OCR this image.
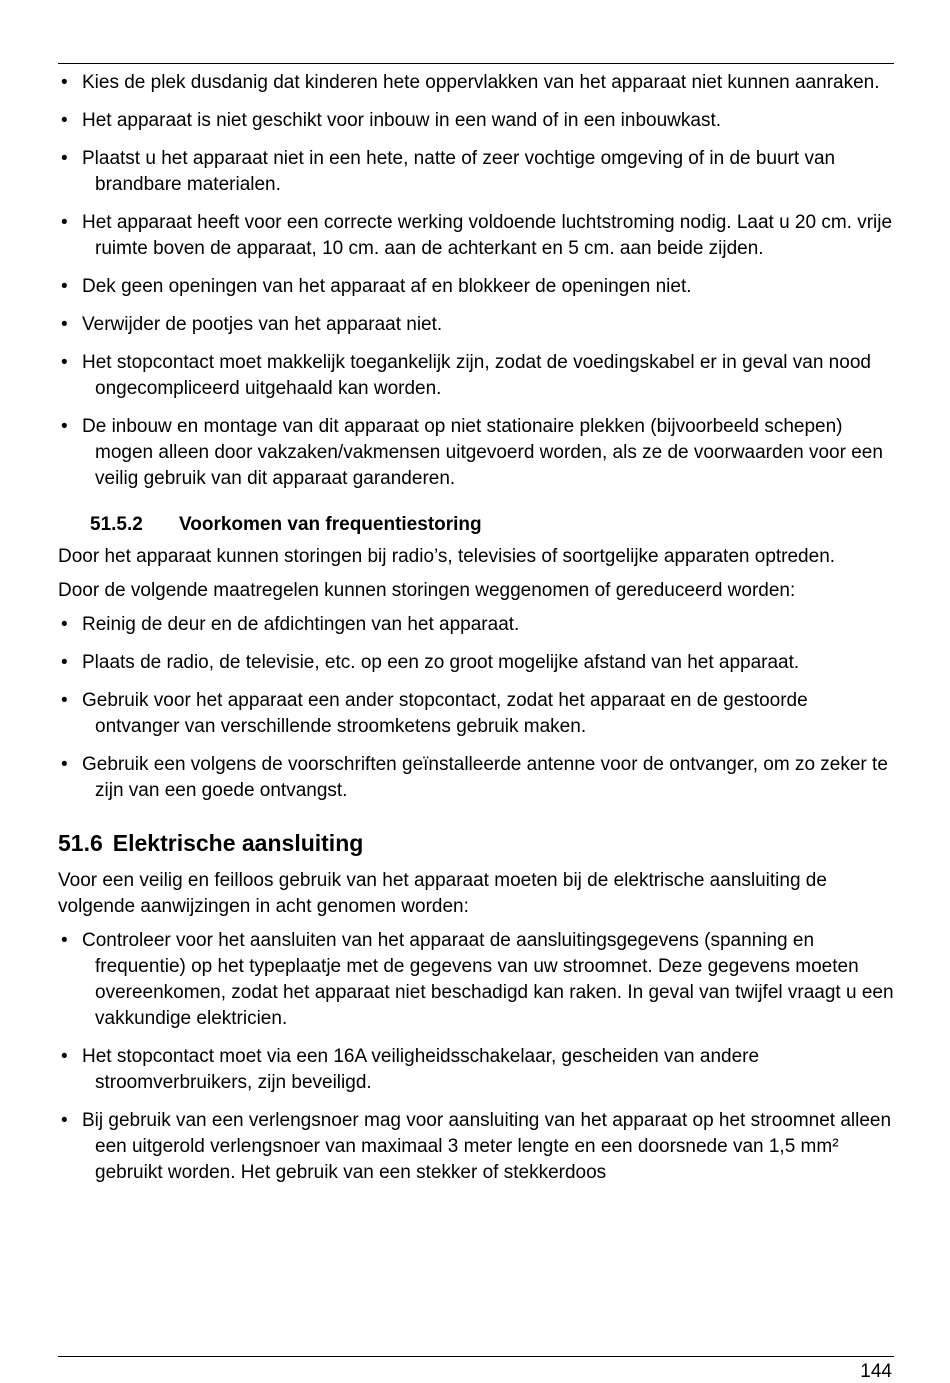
• Kies de plek dusdanig dat kinderen hete oppervlakken van het apparaat niet kunnen aanraken.
• Het apparaat is niet geschikt voor inbouw in een wand of in een inbouwkast.
• Plaatst u het apparaat niet in een hete, natte of zeer vochtige omgeving of in de buurt van brandbare materialen.
• Het apparaat heeft voor een correcte werking voldoende luchtstroming nodig. Laat u 20 cm. vrije ruimte boven de apparaat, 10 cm. aan de achterkant en 5 cm. aan beide zijden.
• Dek geen openingen van het apparaat af en blokkeer de openingen niet.
• Verwijder de pootjes van het apparaat niet.
• Het stopcontact moet makkelijk toegankelijk zijn, zodat de voedingskabel er in geval van nood ongecompliceerd uitgehaald kan worden.
• De inbouw en montage van dit apparaat op niet stationaire plekken (bijvoorbeeld schepen) mogen alleen door vakzaken/vakmensen uitgevoerd worden, als ze de voorwaarden voor een veilig gebruik van dit apparaat garanderen.
51.5.2 Voorkomen van frequentiestoring

Door het apparaat kunnen storingen bij radio’s, televisies of soortgelijke apparaten optreden.

Door de volgende maatregelen kunnen storingen weggenomen of gereduceerd worden:

• Reinig de deur en de afdichtingen van het apparaat.
• Plaats de radio, de televisie, etc. op een zo groot mogelijke afstand van het apparaat.
• Gebruik voor het apparaat een ander stopcontact, zodat het apparaat en de gestoorde ontvanger van verschillende stroomketens gebruik maken.
• Gebruik een volgens de voorschriften geïnstalleerde antenne voor de ontvanger, om zo zeker te zijn van een goede ontvangst.
51.6 Elektrische aansluiting

Voor een veilig en feilloos gebruik van het apparaat moeten bij de elektrische aansluiting de volgende aanwijzingen in acht genomen worden:

• Controleer voor het aansluiten van het apparaat de aansluitingsgegevens (spanning en frequentie) op het typeplaatje met de gegevens van uw stroomnet. Deze gegevens moeten overeenkomen, zodat het apparaat niet beschadigd kan raken. In geval van twijfel vraagt u een vakkundige elektricien.
• Het stopcontact moet via een 16A veiligheidsschakelaar, gescheiden van andere stroomverbruikers, zijn beveiligd.
• Bij gebruik van een verlengsnoer mag voor aansluiting van het apparaat op het stroomnet alleen een uitgerold verlengsnoer van maximaal 3 meter lengte en een doorsnede van 1,5 mm² gebruikt worden. Het gebruik van een stekker of stekkerdoos
144
